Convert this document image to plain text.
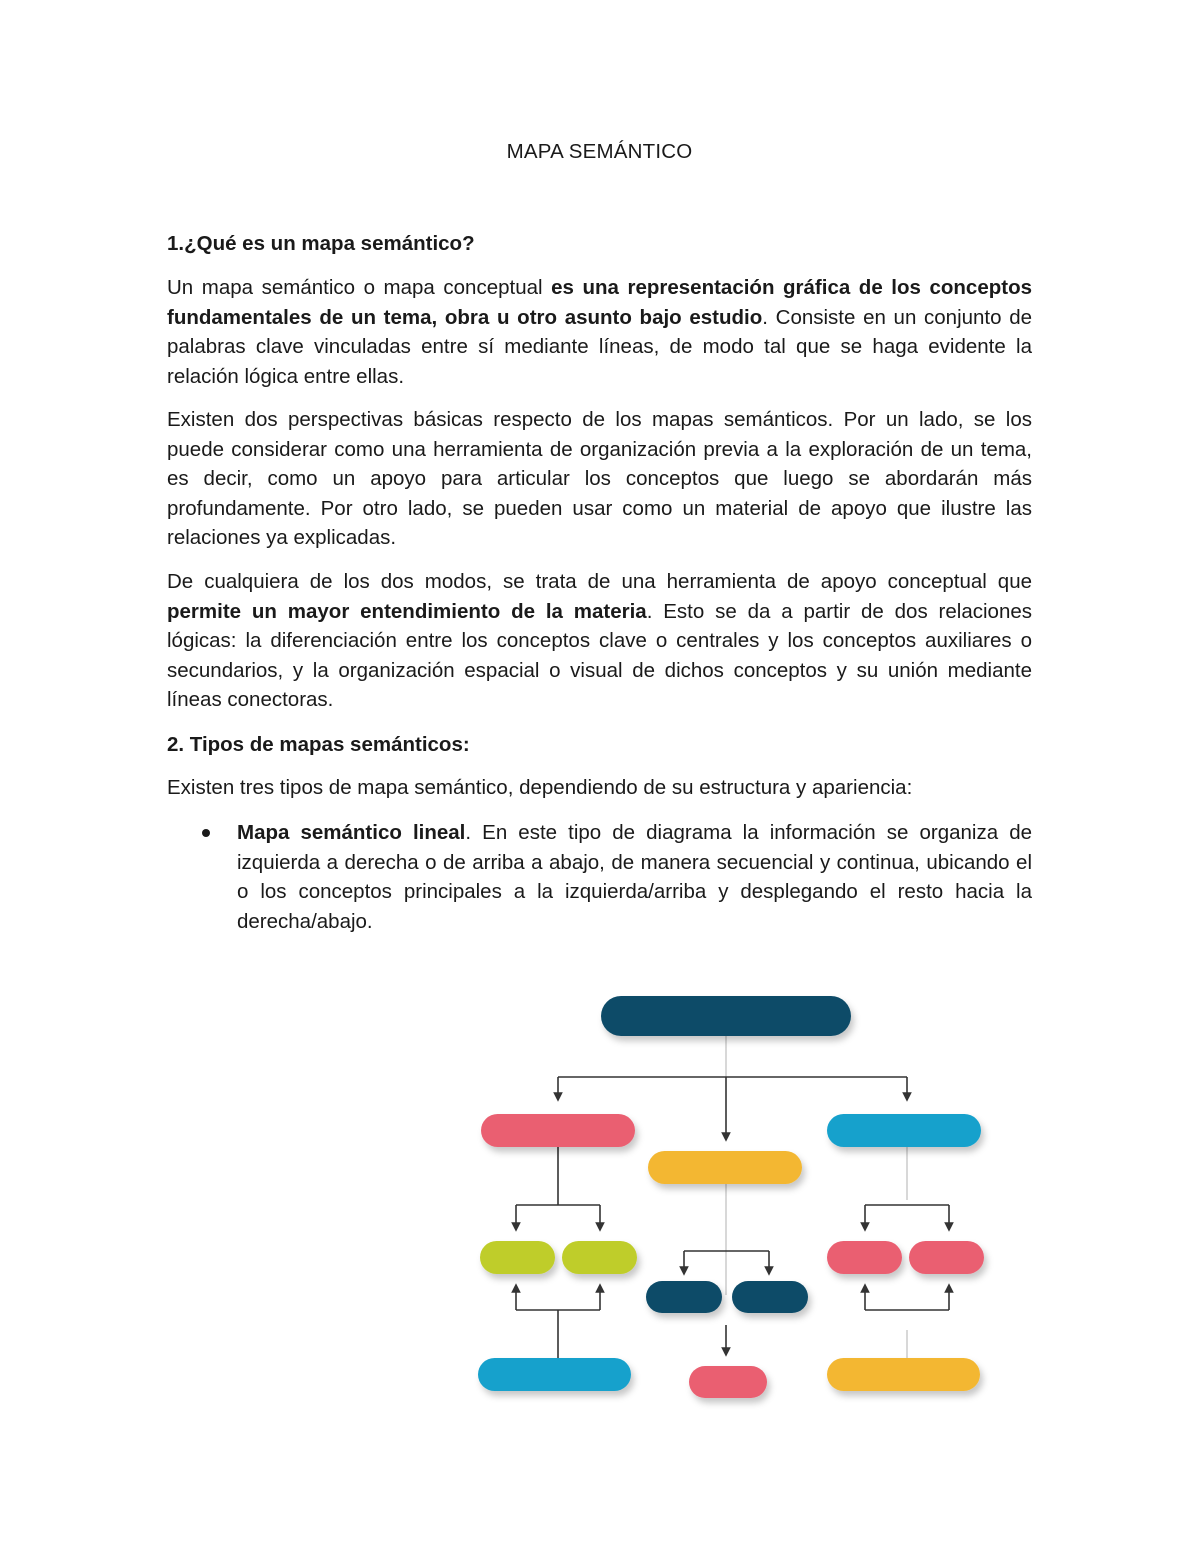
MAPA SEMÁNTICO
1.¿Qué es un mapa semántico?

Un mapa semántico o mapa conceptual es una representación gráfica de los conceptos fundamentales de un tema, obra u otro asunto bajo estudio. Consiste en un conjunto de palabras clave vinculadas entre sí mediante líneas, de modo tal que se haga evidente la relación lógica entre ellas.

Existen dos perspectivas básicas respecto de los mapas semánticos. Por un lado, se los puede considerar como una herramienta de organización previa a la exploración de un tema, es decir, como un apoyo para articular los conceptos que luego se abordarán más profundamente. Por otro lado, se pueden usar como un material de apoyo que ilustre las relaciones ya explicadas.

De cualquiera de los dos modos, se trata de una herramienta de apoyo conceptual que permite un mayor entendimiento de la materia. Esto se da a partir de dos relaciones lógicas: la diferenciación entre los conceptos clave o centrales y los conceptos auxiliares o secundarios, y la organización espacial o visual de dichos conceptos y su unión mediante líneas conectoras.

2. Tipos de mapas semánticos:

Existen tres tipos de mapa semántico, dependiendo de su estructura y apariencia:

Mapa semántico lineal. En este tipo de diagrama la información se organiza de izquierda a derecha o de arriba a abajo, de manera secuencial y continua, ubicando el o los conceptos principales a la izquierda/arriba y desplegando el resto hacia la derecha/abajo.
